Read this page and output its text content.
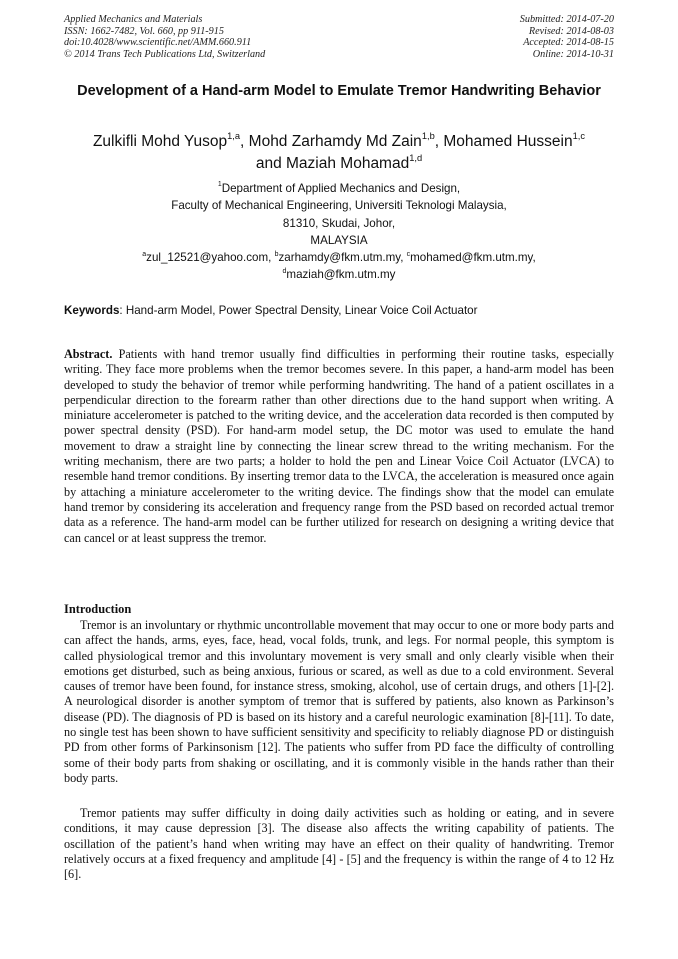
Applied Mechanics and Materials
ISSN: 1662-7482, Vol. 660, pp 911-915
doi:10.4028/www.scientific.net/AMM.660.911
© 2014 Trans Tech Publications Ltd, Switzerland
Submitted: 2014-07-20
Revised: 2014-08-03
Accepted: 2014-08-15
Online: 2014-10-31
Development of a Hand-arm Model to Emulate Tremor Handwriting Behavior
Zulkifli Mohd Yusop$^{1,a}$, Mohd Zarhamdy Md Zain$^{1,b}$, Mohamed Hussein$^{1,c}$
and Maziah Mohamad$^{1,d}$
$^1$Department of Applied Mechanics and Design,
Faculty of Mechanical Engineering, Universiti Teknologi Malaysia,
81310, Skudai, Johor,
MALAYSIA
$^a$zul_12521@yahoo.com, $^b$zarhamdy@fkm.utm.my, $^c$mohamed@fkm.utm.my,
$^d$maziah@fkm.utm.my
Keywords: Hand-arm Model, Power Spectral Density, Linear Voice Coil Actuator
Abstract. Patients with hand tremor usually find difficulties in performing their routine tasks, especially writing. They face more problems when the tremor becomes severe. In this paper, a hand-arm model has been developed to study the behavior of tremor while performing handwriting. The hand of a patient oscillates in a perpendicular direction to the forearm rather than other directions due to the hand support when writing. A miniature accelerometer is patched to the writing device, and the acceleration data recorded is then computed by power spectral density (PSD). For hand-arm model setup, the DC motor was used to emulate the hand movement to draw a straight line by connecting the linear screw thread to the writing mechanism. For the writing mechanism, there are two parts; a holder to hold the pen and Linear Voice Coil Actuator (LVCA) to resemble hand tremor conditions. By inserting tremor data to the LVCA, the acceleration is measured once again by attaching a miniature accelerometer to the writing device. The findings show that the model can emulate hand tremor by considering its acceleration and frequency range from the PSD based on recorded actual tremor data as a reference. The hand-arm model can be further utilized for research on designing a writing device that can cancel or at least suppress the tremor.
Introduction
Tremor is an involuntary or rhythmic uncontrollable movement that may occur to one or more body parts and can affect the hands, arms, eyes, face, head, vocal folds, trunk, and legs. For normal people, this symptom is called physiological tremor and this involuntary movement is very small and only clearly visible when their emotions get disturbed, such as being anxious, furious or scared, as well as due to a cold environment. Several causes of tremor have been found, for instance stress, smoking, alcohol, use of certain drugs, and others [1]-[2]. A neurological disorder is another symptom of tremor that is suffered by patients, also known as Parkinson’s disease (PD). The diagnosis of PD is based on its history and a careful neurologic examination [8]-[11]. To date, no single test has been shown to have sufficient sensitivity and specificity to reliably diagnose PD or distinguish PD from other forms of Parkinsonism [12]. The patients who suffer from PD face the difficulty of controlling some of their body parts from shaking or oscillating, and it is commonly visible in the hands rather than their body parts.
Tremor patients may suffer difficulty in doing daily activities such as holding or eating, and in severe conditions, it may cause depression [3]. The disease also affects the writing capability of patients. The oscillation of the patient’s hand when writing may have an effect on their quality of handwriting. Tremor relatively occurs at a fixed frequency and amplitude [4] - [5] and the frequency is within the range of 4 to 12 Hz [6].
